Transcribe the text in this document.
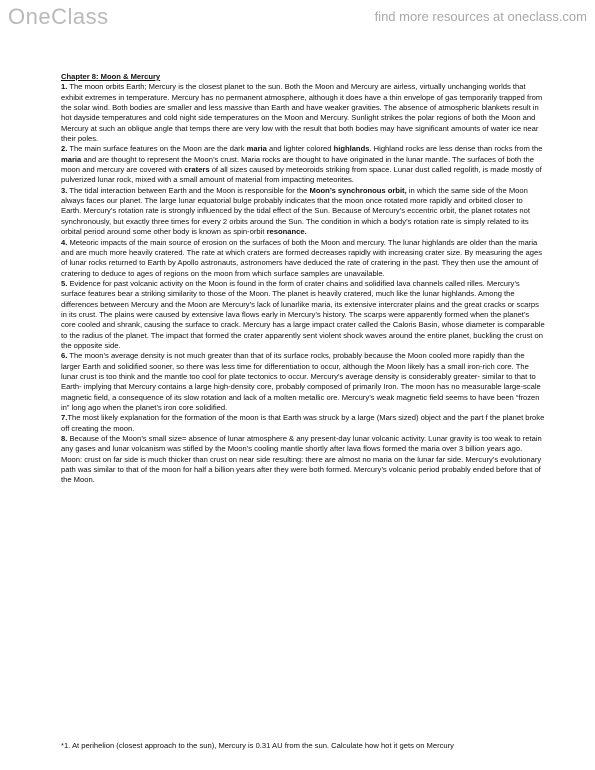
OneClass	find more resources at oneclass.com
Chapter 8: Moon & Mercury

1. The moon orbits Earth; Mercury is the closest planet to the sun. Both the Moon and Mercury are airless, virtually unchanging worlds that exhibit extremes in temperature. Mercury has no permanent atmosphere, although it does have a thin envelope of gas temporarily trapped from the solar wind. Both bodies are smaller and less massive than Earth and have weaker gravities. The absence of atmospheric blankets result in hot dayside temperatures and cold night side temperatures on the Moon and Mercury. Sunlight strikes the polar regions of both the Moon and Mercury at such an oblique angle that temps there are very low with the result that both bodies may have significant amounts of water ice near their poles.

2. The main surface features on the Moon are the dark maria and lighter colored highlands. Highland rocks are less dense than rocks from the maria and are thought to represent the Moon’s crust. Maria rocks are thought to have originated in the lunar mantle. The surfaces of both the moon and mercury are covered with craters of all sizes caused by meteoroids striking from space. Lunar dust called regolith, is made mostly of pulverized lunar rock, mixed with a small amount of material from impacting meteorites.

3. The tidal interaction between Earth and the Moon is responsible for the Moon’s synchronous orbit, in which the same side of the Moon always faces our planet. The large lunar equatorial bulge probably indicates that the moon once rotated more rapidly and orbited closer to Earth. Mercury’s rotation rate is strongly influenced by the tidal effect of the Sun. Because of Mercury’s eccentric orbit, the planet rotates not synchronously, but exactly three times for every 2 orbits around the Sun. The condition in which a body’s rotation rate is simply related to its orbital period around some other body is known as spin-orbit resonance.

4. Meteoric impacts of the main source of erosion on the surfaces of both the Moon and mercury. The lunar highlands are older than the maria and are much more heavily cratered. The rate at which craters are formed decreases rapidly with increasing crater size. By measuring the ages of lunar rocks returned to Earth by Apollo astronauts, astronomers have deduced the rate of cratering in the past. They then use the amount of cratering to deduce to ages of regions on the moon from which surface samples are unavailable.

5. Evidence for past volcanic activity on the Moon is found in the form of crater chains and solidified lava channels called rilles. Mercury’s surface features bear a striking similarity to those of the Moon. The planet is heavily cratered, much like the lunar highlands. Among the differences between Mercury and the Moon are Mercury’s lack of lunarlike maria, its extensive intercrater plains and the great cracks or scarps in its crust. The plains were caused by extensive lava flows early in Mercury’s history. The scarps were apparently formed when the planet’s core cooled and shrank, causing the surface to crack. Mercury has a large impact crater called the Caloris Basin, whose diameter is comparable to the radius of the planet. The impact that formed the crater apparently sent violent shock waves around the entire planet, buckling the crust on the opposite side.

6. The moon’s average density is not much greater than that of its surface rocks, probably because the Moon cooled more rapidly than the larger Earth and solidified sooner, so there was less time for differentiation to occur, although the Moon likely has a small iron-rich core. The lunar crust is too think and the mantle too cool for plate tectonics to occur. Mercury’s average density is considerably greater- similar to that to Earth- implying that Mercury contains a large high-density core, probably composed of primarily Iron. The moon has no measurable large-scale magnetic field, a consequence of its slow rotation and lack of a molten metallic ore. Mercury’s weak magnetic field seems to have been “frozen in” long ago when the planet’s iron core solidified.

7.The most likely explanation for the formation of the moon is that Earth was struck by a large (Mars sized) object and the part f the planet broke off creating the moon.

8. Because of the Moon’s small size= absence of lunar atmosphere & any present-day lunar volcanic activity. Lunar gravity is too weak to retain any gases and lunar volcanism was stifled by the Moon’s cooling mantle shortly after lava flows formed the maria over 3 billion years ago. Moon: crust on far side is much thicker than crust on near side resulting: there are almost no maria on the lunar far side. Mercury’s evolutionary path was similar to that of the moon for half a billion years after they were both formed. Mercury’s volcanic period probably ended before that of the Moon.

*1. At perihelion (closest approach to the sun), Mercury is 0.31 AU from the sun. Calculate how hot it gets on Mercury
